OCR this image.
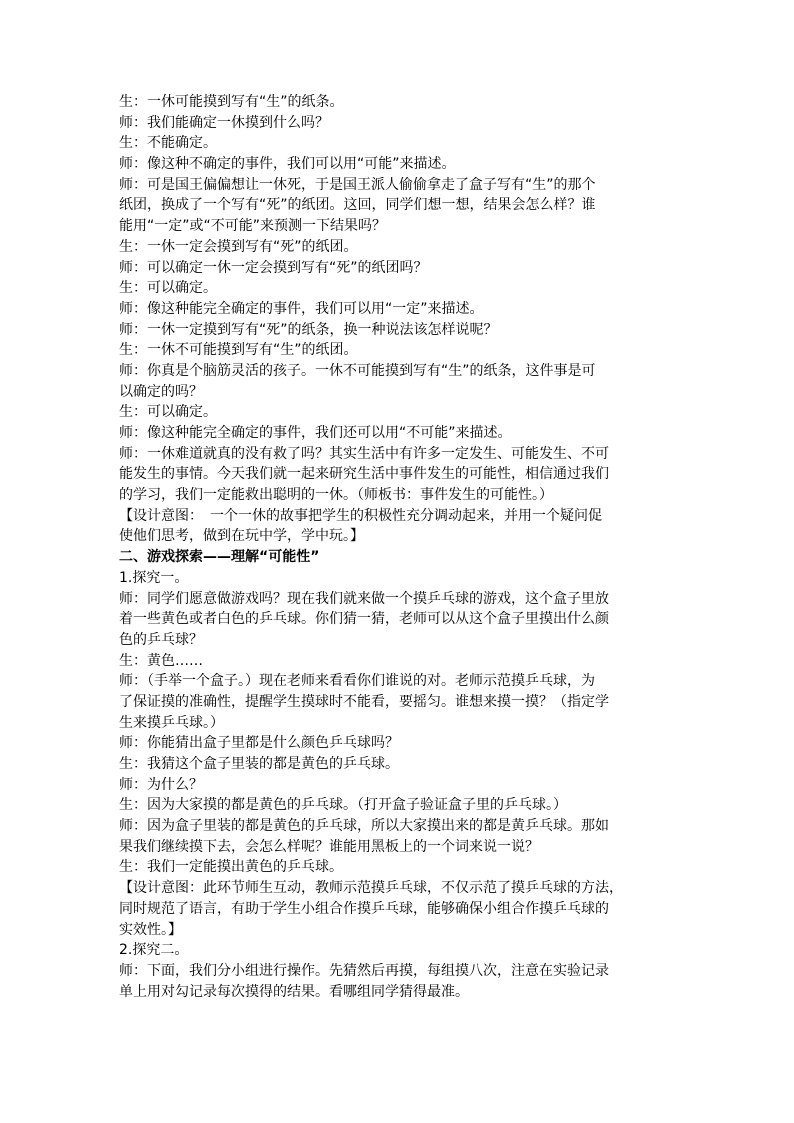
生：一休可能摸到写有“生”的纸条。
师：我们能确定一休摸到什么吗？
生：不能确定。
师：像这种不确定的事件，我们可以用“可能”来描述。
师：可是国王偏偏想让一休死，于是国王派人偷偷拿走了盒子写有“生”的那个
纸团，换成了一个写有“死”的纸团。这回，同学们想一想，结果会怎么样？谁
能用“一定”或“不可能”来预测一下结果吗？
生：一休一定会摸到写有“死”的纸团。
师：可以确定一休一定会摸到写有“死”的纸团吗？
生：可以确定。
师：像这种能完全确定的事件，我们可以用“一定”来描述。
师：一休一定摸到写有“死”的纸条，换一种说法该怎样说呢？
生：一休不可能摸到写有“生”的纸团。
师：你真是个脑筋灵活的孩子。一休不可能摸到写有“生”的纸条，这件事是可
以确定的吗？
生：可以确定。
师：像这种能完全确定的事件，我们还可以用“不可能”来描述。
师：一休难道就真的没有救了吗？其实生活中有许多一定发生、可能发生、不可
能发生的事情。今天我们就一起来研究生活中事件发生的可能性，相信通过我们
的学习，我们一定能救出聪明的一休。（师板书：事件发生的可能性。）
【设计意图：　一个一休的故事把学生的积极性充分调动起来，并用一个疑问促
使他们思考，做到在玩中学，学中玩。】
二、游戏探索——理解“可能性”
1.探究一。
师：同学们愿意做游戏吗？现在我们就来做一个摸乒乓球的游戏，这个盒子里放
着一些黄色或者白色的乒乓球。你们猜一猜，老师可以从这个盒子里摸出什么颜
色的乒乓球？
生：黄色……
师：（手举一个盒子。）现在老师来看看你们谁说的对。老师示范摸乒乓球，为
了保证摸的准确性，提醒学生摸球时不能看，要摇匀。谁想来摸一摸？（指定学
生来摸乒乓球。）
师：你能猜出盒子里都是什么颜色乒乓球吗？
生：我猜这个盒子里装的都是黄色的乒乓球。
师：为什么？
生：因为大家摸的都是黄色的乒乓球。（打开盒子验证盒子里的乒乓球。）
师：因为盒子里装的都是黄色的乒乓球，所以大家摸出来的都是黄乒乓球。那如
果我们继续摸下去，会怎么样呢？谁能用黑板上的一个词来说一说？
生：我们一定能摸出黄色的乒乓球。
【设计意图：此环节师生互动，教师示范摸乒乓球，不仅示范了摸乒乓球的方法，
同时规范了语言，有助于学生小组合作摸乒乓球，能够确保小组合作摸乒乓球的
实效性。】
2.探究二。
师：下面，我们分小组进行操作。先猜然后再摸，每组摸八次，注意在实验记录
单上用对勾记录每次摸得的结果。看哪组同学猜得最准。
